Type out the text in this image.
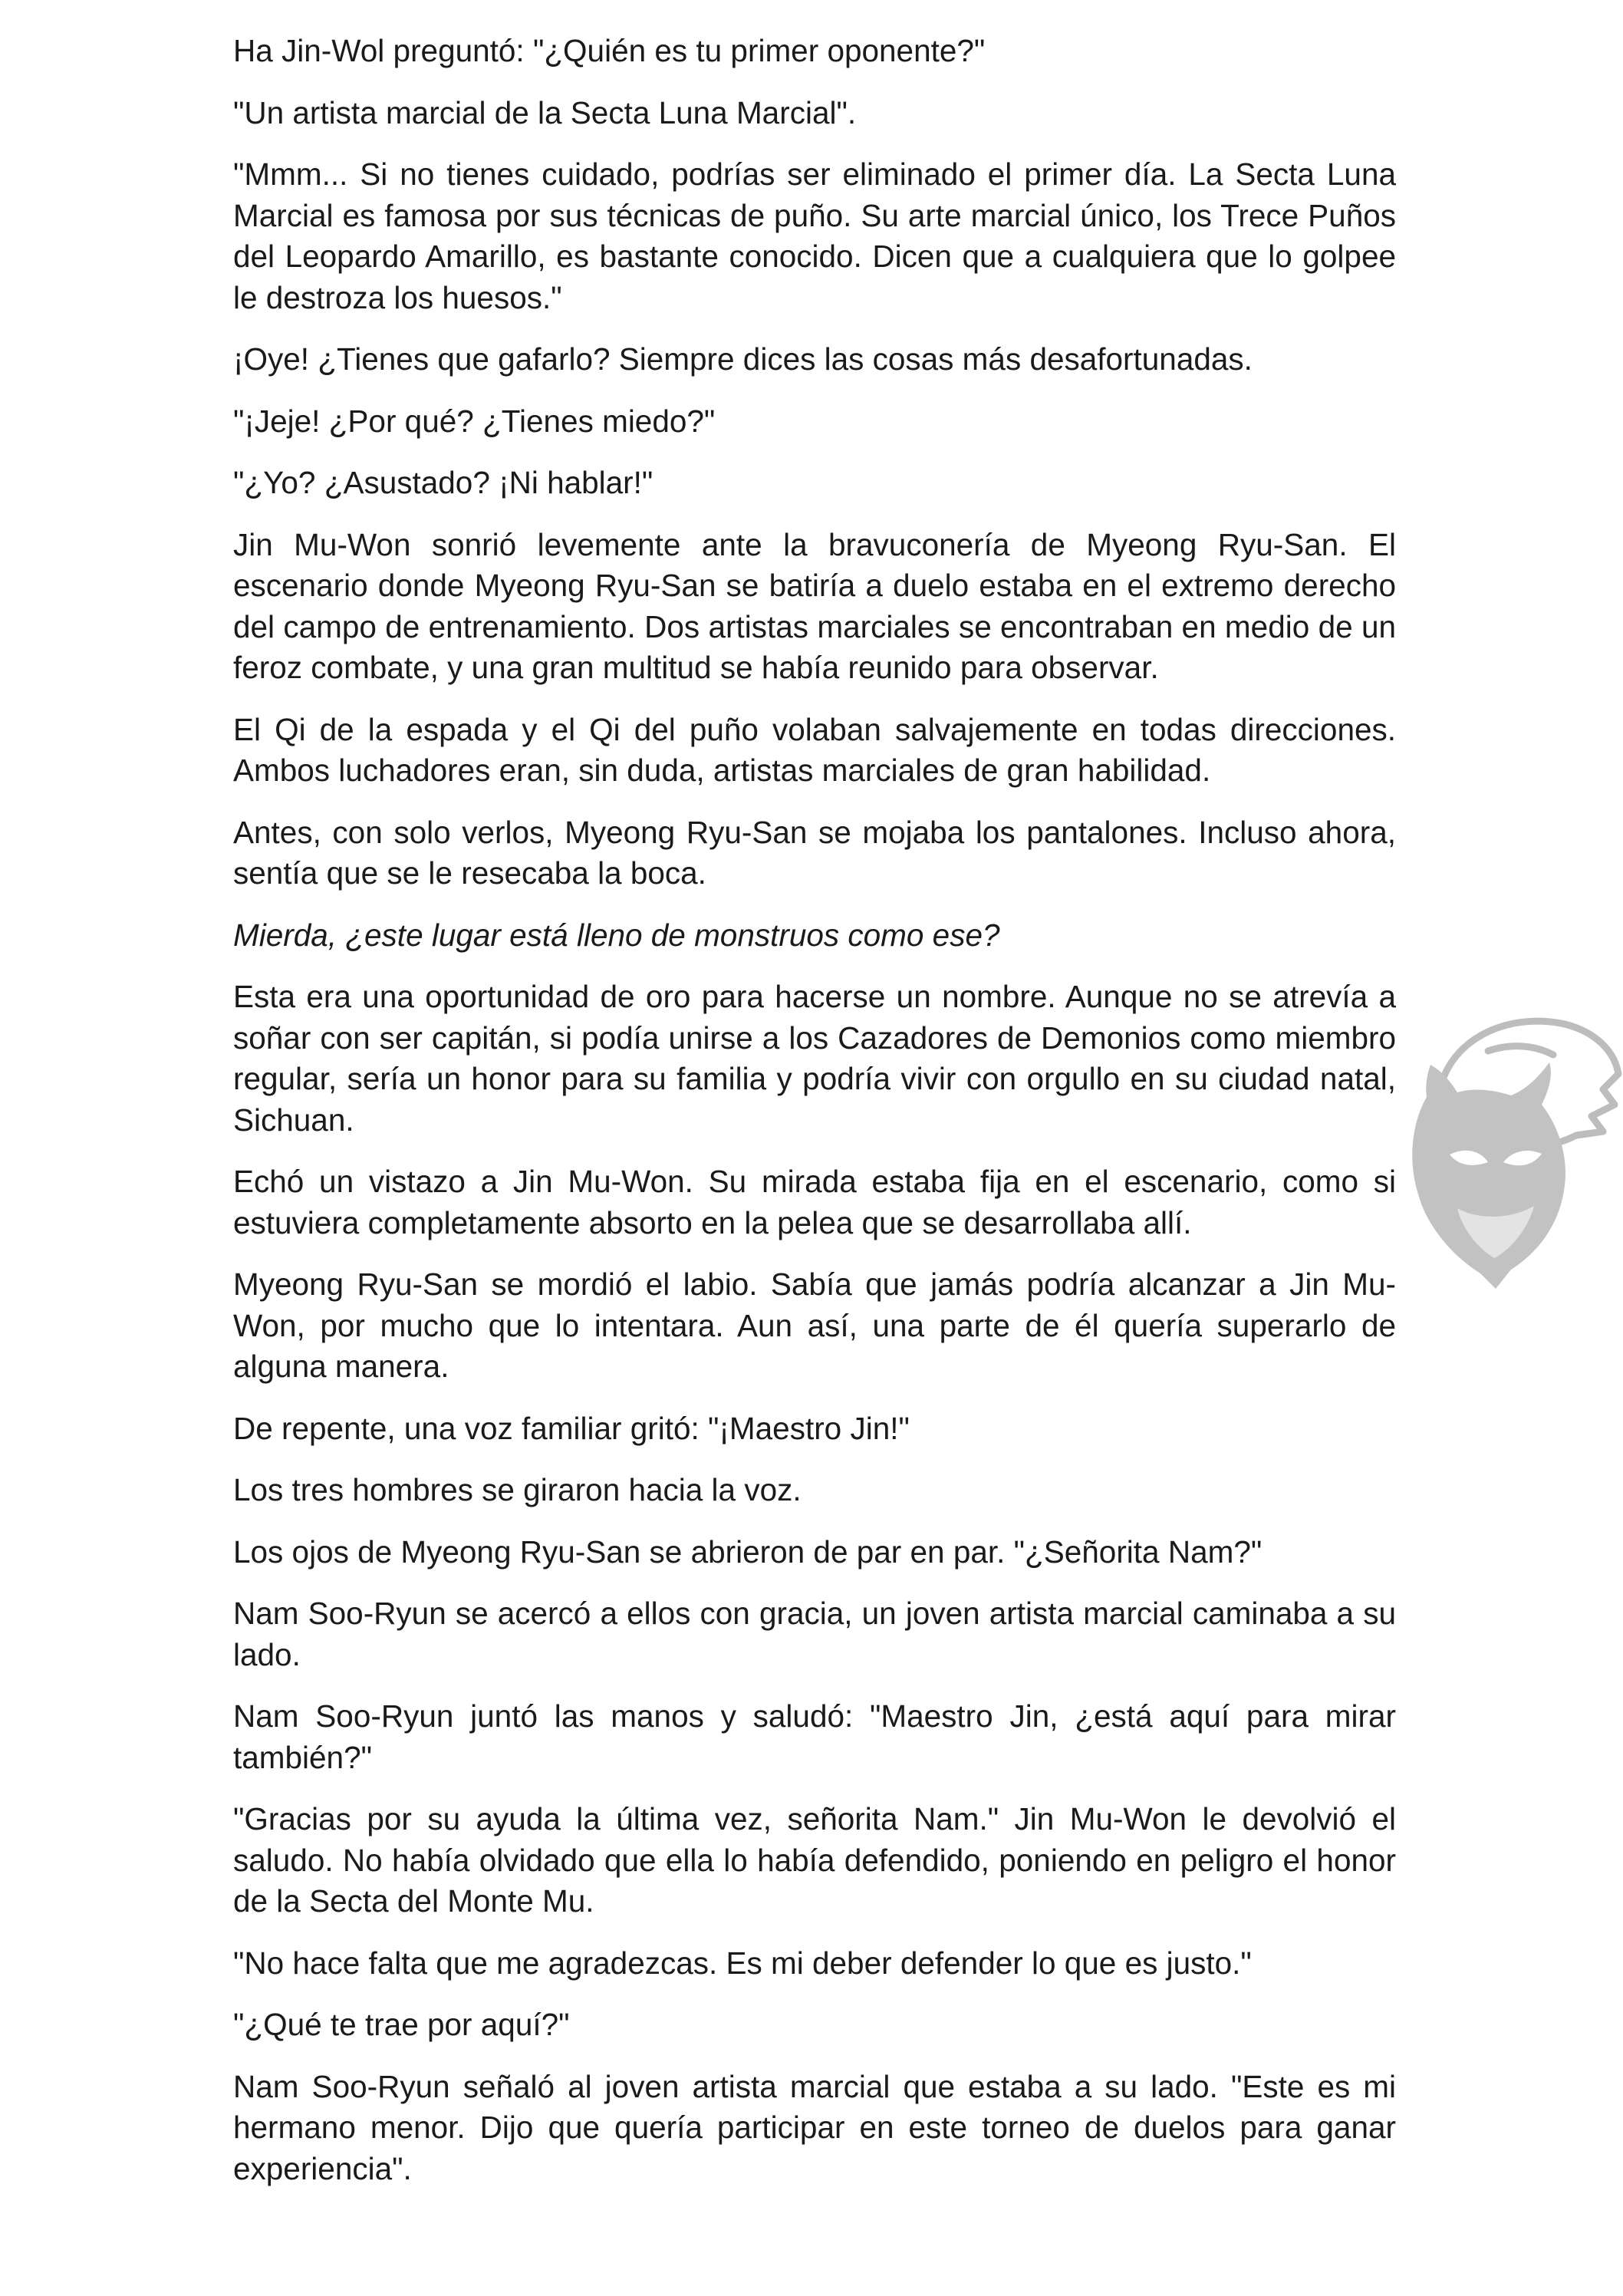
Ha Jin-Wol preguntó: "¿Quién es tu primer oponente?"

"Un artista marcial de la Secta Luna Marcial".

"Mmm... Si no tienes cuidado, podrías ser eliminado el primer día. La Secta Luna Marcial es famosa por sus técnicas de puño. Su arte marcial único, los Trece Puños del Leopardo Amarillo, es bastante conocido. Dicen que a cualquiera que lo golpee le destroza los huesos."

¡Oye! ¿Tienes que gafarlo? Siempre dices las cosas más desafortunadas.

"¡Jeje! ¿Por qué? ¿Tienes miedo?"

"¿Yo? ¿Asustado? ¡Ni hablar!"

Jin Mu-Won sonrió levemente ante la bravuconería de Myeong Ryu-San. El escenario donde Myeong Ryu-San se batiría a duelo estaba en el extremo derecho del campo de entrenamiento. Dos artistas marciales se encontraban en medio de un feroz combate, y una gran multitud se había reunido para observar.

El Qi de la espada y el Qi del puño volaban salvajemente en todas direcciones. Ambos luchadores eran, sin duda, artistas marciales de gran habilidad.

Antes, con solo verlos, Myeong Ryu-San se mojaba los pantalones. Incluso ahora, sentía que se le resecaba la boca.

Mierda, ¿este lugar está lleno de monstruos como ese?

Esta era una oportunidad de oro para hacerse un nombre. Aunque no se atrevía a soñar con ser capitán, si podía unirse a los Cazadores de Demonios como miembro regular, sería un honor para su familia y podría vivir con orgullo en su ciudad natal, Sichuan.

Echó un vistazo a Jin Mu-Won. Su mirada estaba fija en el escenario, como si estuviera completamente absorto en la pelea que se desarrollaba allí.

Myeong Ryu-San se mordió el labio. Sabía que jamás podría alcanzar a Jin Mu-Won, por mucho que lo intentara. Aun así, una parte de él quería superarlo de alguna manera.

De repente, una voz familiar gritó: "¡Maestro Jin!"

Los tres hombres se giraron hacia la voz.

Los ojos de Myeong Ryu-San se abrieron de par en par. "¿Señorita Nam?"

Nam Soo-Ryun se acercó a ellos con gracia, un joven artista marcial caminaba a su lado.

Nam Soo-Ryun juntó las manos y saludó: "Maestro Jin, ¿está aquí para mirar también?"

"Gracias por su ayuda la última vez, señorita Nam." Jin Mu-Won le devolvió el saludo. No había olvidado que ella lo había defendido, poniendo en peligro el honor de la Secta del Monte Mu.

"No hace falta que me agradezcas. Es mi deber defender lo que es justo."

"¿Qué te trae por aquí?"

Nam Soo-Ryun señaló al joven artista marcial que estaba a su lado. "Este es mi hermano menor. Dijo que quería participar en este torneo de duelos para ganar experiencia".
